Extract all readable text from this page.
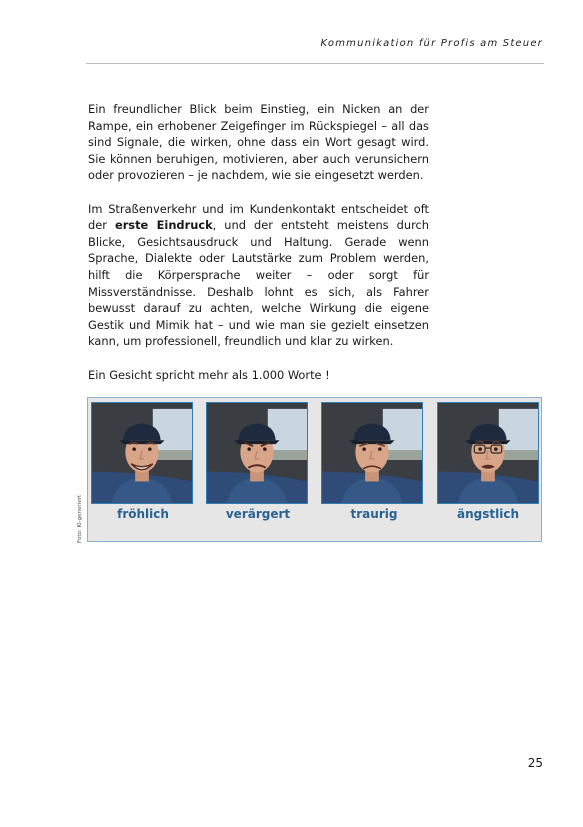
Kommunikation für Profis am Steuer

Ein freundlicher Blick beim Einstieg, ein Nicken an der Rampe, ein erhobener Zeigefinger im Rückspiegel – all das sind Signale, die wirken, ohne dass ein Wort gesagt wird. Sie können beruhigen, motivieren, aber auch verunsichern oder provozieren – je nachdem, wie sie eingesetzt werden.

Im Straßenverkehr und im Kundenkontakt entscheidet oft der erste Eindruck, und der entsteht meistens durch Blicke, Gesichtsausdruck und Haltung. Gerade wenn Sprache, Dialekte oder Lautstärke zum Problem werden, hilft die Körpersprache weiter – oder sorgt für Missverständnisse. Deshalb lohnt es sich, als Fahrer bewusst darauf zu achten, welche Wirkung die eigene Gestik und Mimik hat – und wie man sie gezielt einsetzen kann, um professionell, freundlich und klar zu wirken.

Ein Gesicht spricht mehr als 1.000 Worte !

fröhlich	verärgert	traurig	ängstlich
Foto: KI-generiert
25
